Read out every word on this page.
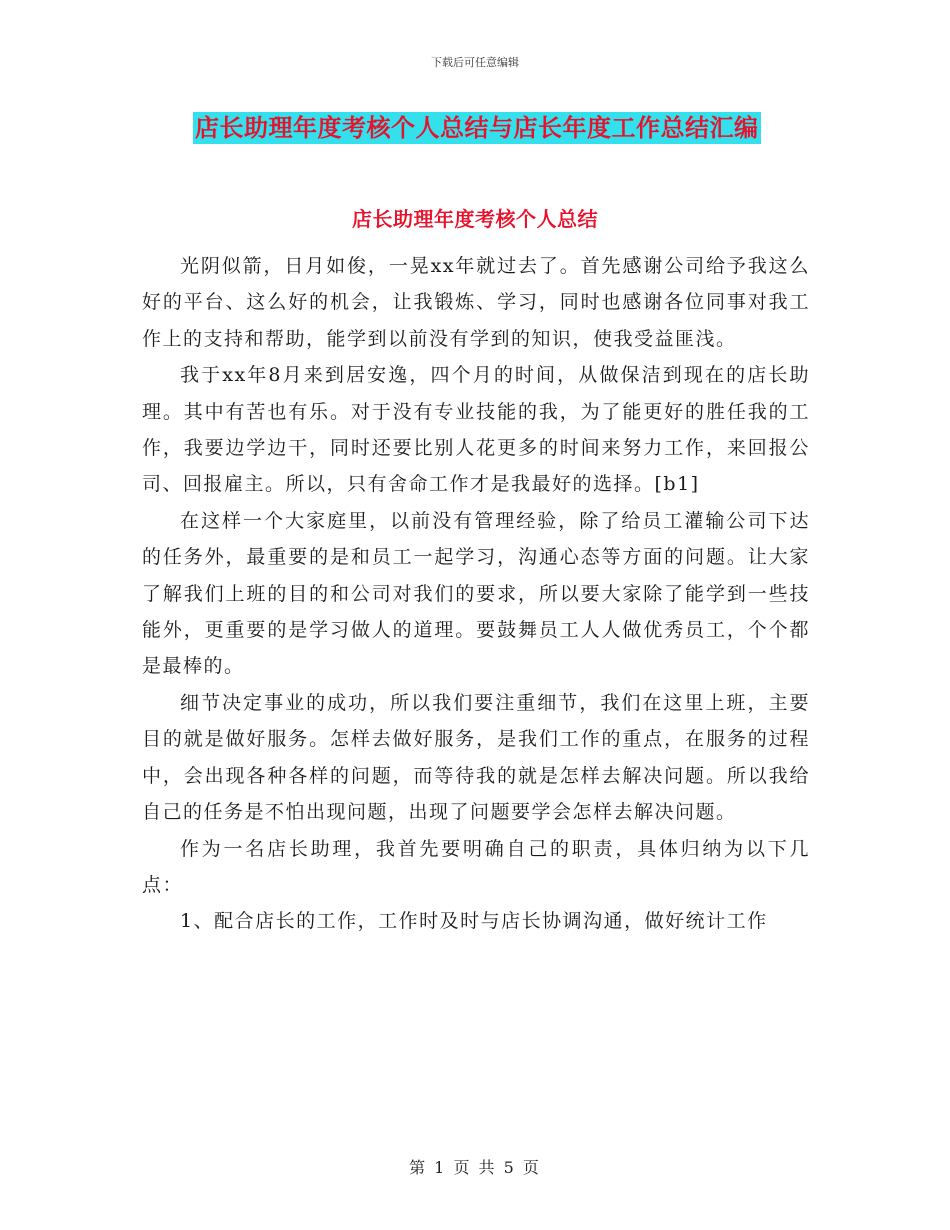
下载后可任意编辑
店长助理年度考核个人总结与店长年度工作总结汇编
店长助理年度考核个人总结

光阴似箭，日月如俊，一晃xx年就过去了。首先感谢公司给予我这么好的平台、这么好的机会，让我锻炼、学习，同时也感谢各位同事对我工作上的支持和帮助，能学到以前没有学到的知识，使我受益匪浅。

我于xx年8月来到居安逸，四个月的时间，从做保洁到现在的店长助理。其中有苦也有乐。对于没有专业技能的我，为了能更好的胜任我的工作，我要边学边干，同时还要比别人花更多的时间来努力工作，来回报公司、回报雇主。所以，只有舍命工作才是我最好的选择。[b1]

在这样一个大家庭里，以前没有管理经验，除了给员工灌输公司下达的任务外，最重要的是和员工一起学习，沟通心态等方面的问题。让大家了解我们上班的目的和公司对我们的要求，所以要大家除了能学到一些技能外，更重要的是学习做人的道理。要鼓舞员工人人做优秀员工，个个都是最棒的。

细节决定事业的成功，所以我们要注重细节，我们在这里上班，主要目的就是做好服务。怎样去做好服务，是我们工作的重点，在服务的过程中，会出现各种各样的问题，而等待我的就是怎样去解决问题。所以我给自己的任务是不怕出现问题，出现了问题要学会怎样去解决问题。

作为一名店长助理，我首先要明确自己的职责，具体归纳为以下几点：

1、配合店长的工作，工作时及时与店长协调沟通，做好统计工作

第 1 页 共 5 页
